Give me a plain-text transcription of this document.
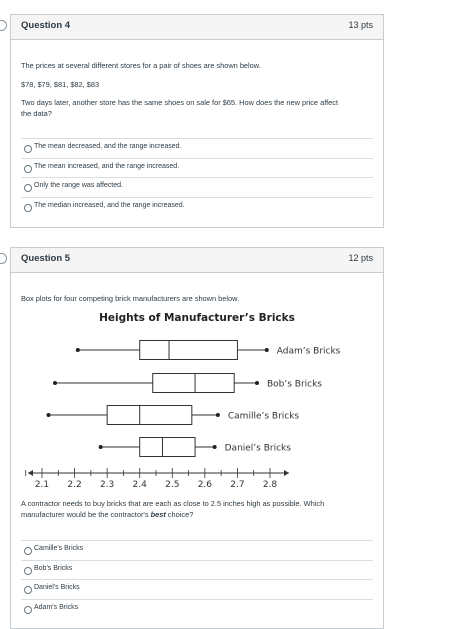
Question 4	13 pts
The prices at several different stores for a pair of shoes are shown below.
$78, $79, $81, $82, $83
Two days later, another store has the same shoes on sale for $65. How does the new price affect
the data?
The mean decreased, and the range increased.
The mean increased, and the range increased.
Only the range was affected.
The median increased, and the range increased.
Question 5	12 pts
Box plots for four competing brick manufacturers are shown below.
Heights of Manufacturer’s Bricks
Adam’s Bricks
Bob’s Bricks
Camille’s Bricks
Daniel’s Bricks
2.1 2.2 2.3 2.4 2.5 2.6 2.7 2.8
A contractor needs to buy bricks that are each as close to 2.5 inches high as possible. Which
manufacturer would be the contractor's best choice?
Camille's Bricks
Bob's Bricks
Daniel's Bricks
Adam's Bricks
